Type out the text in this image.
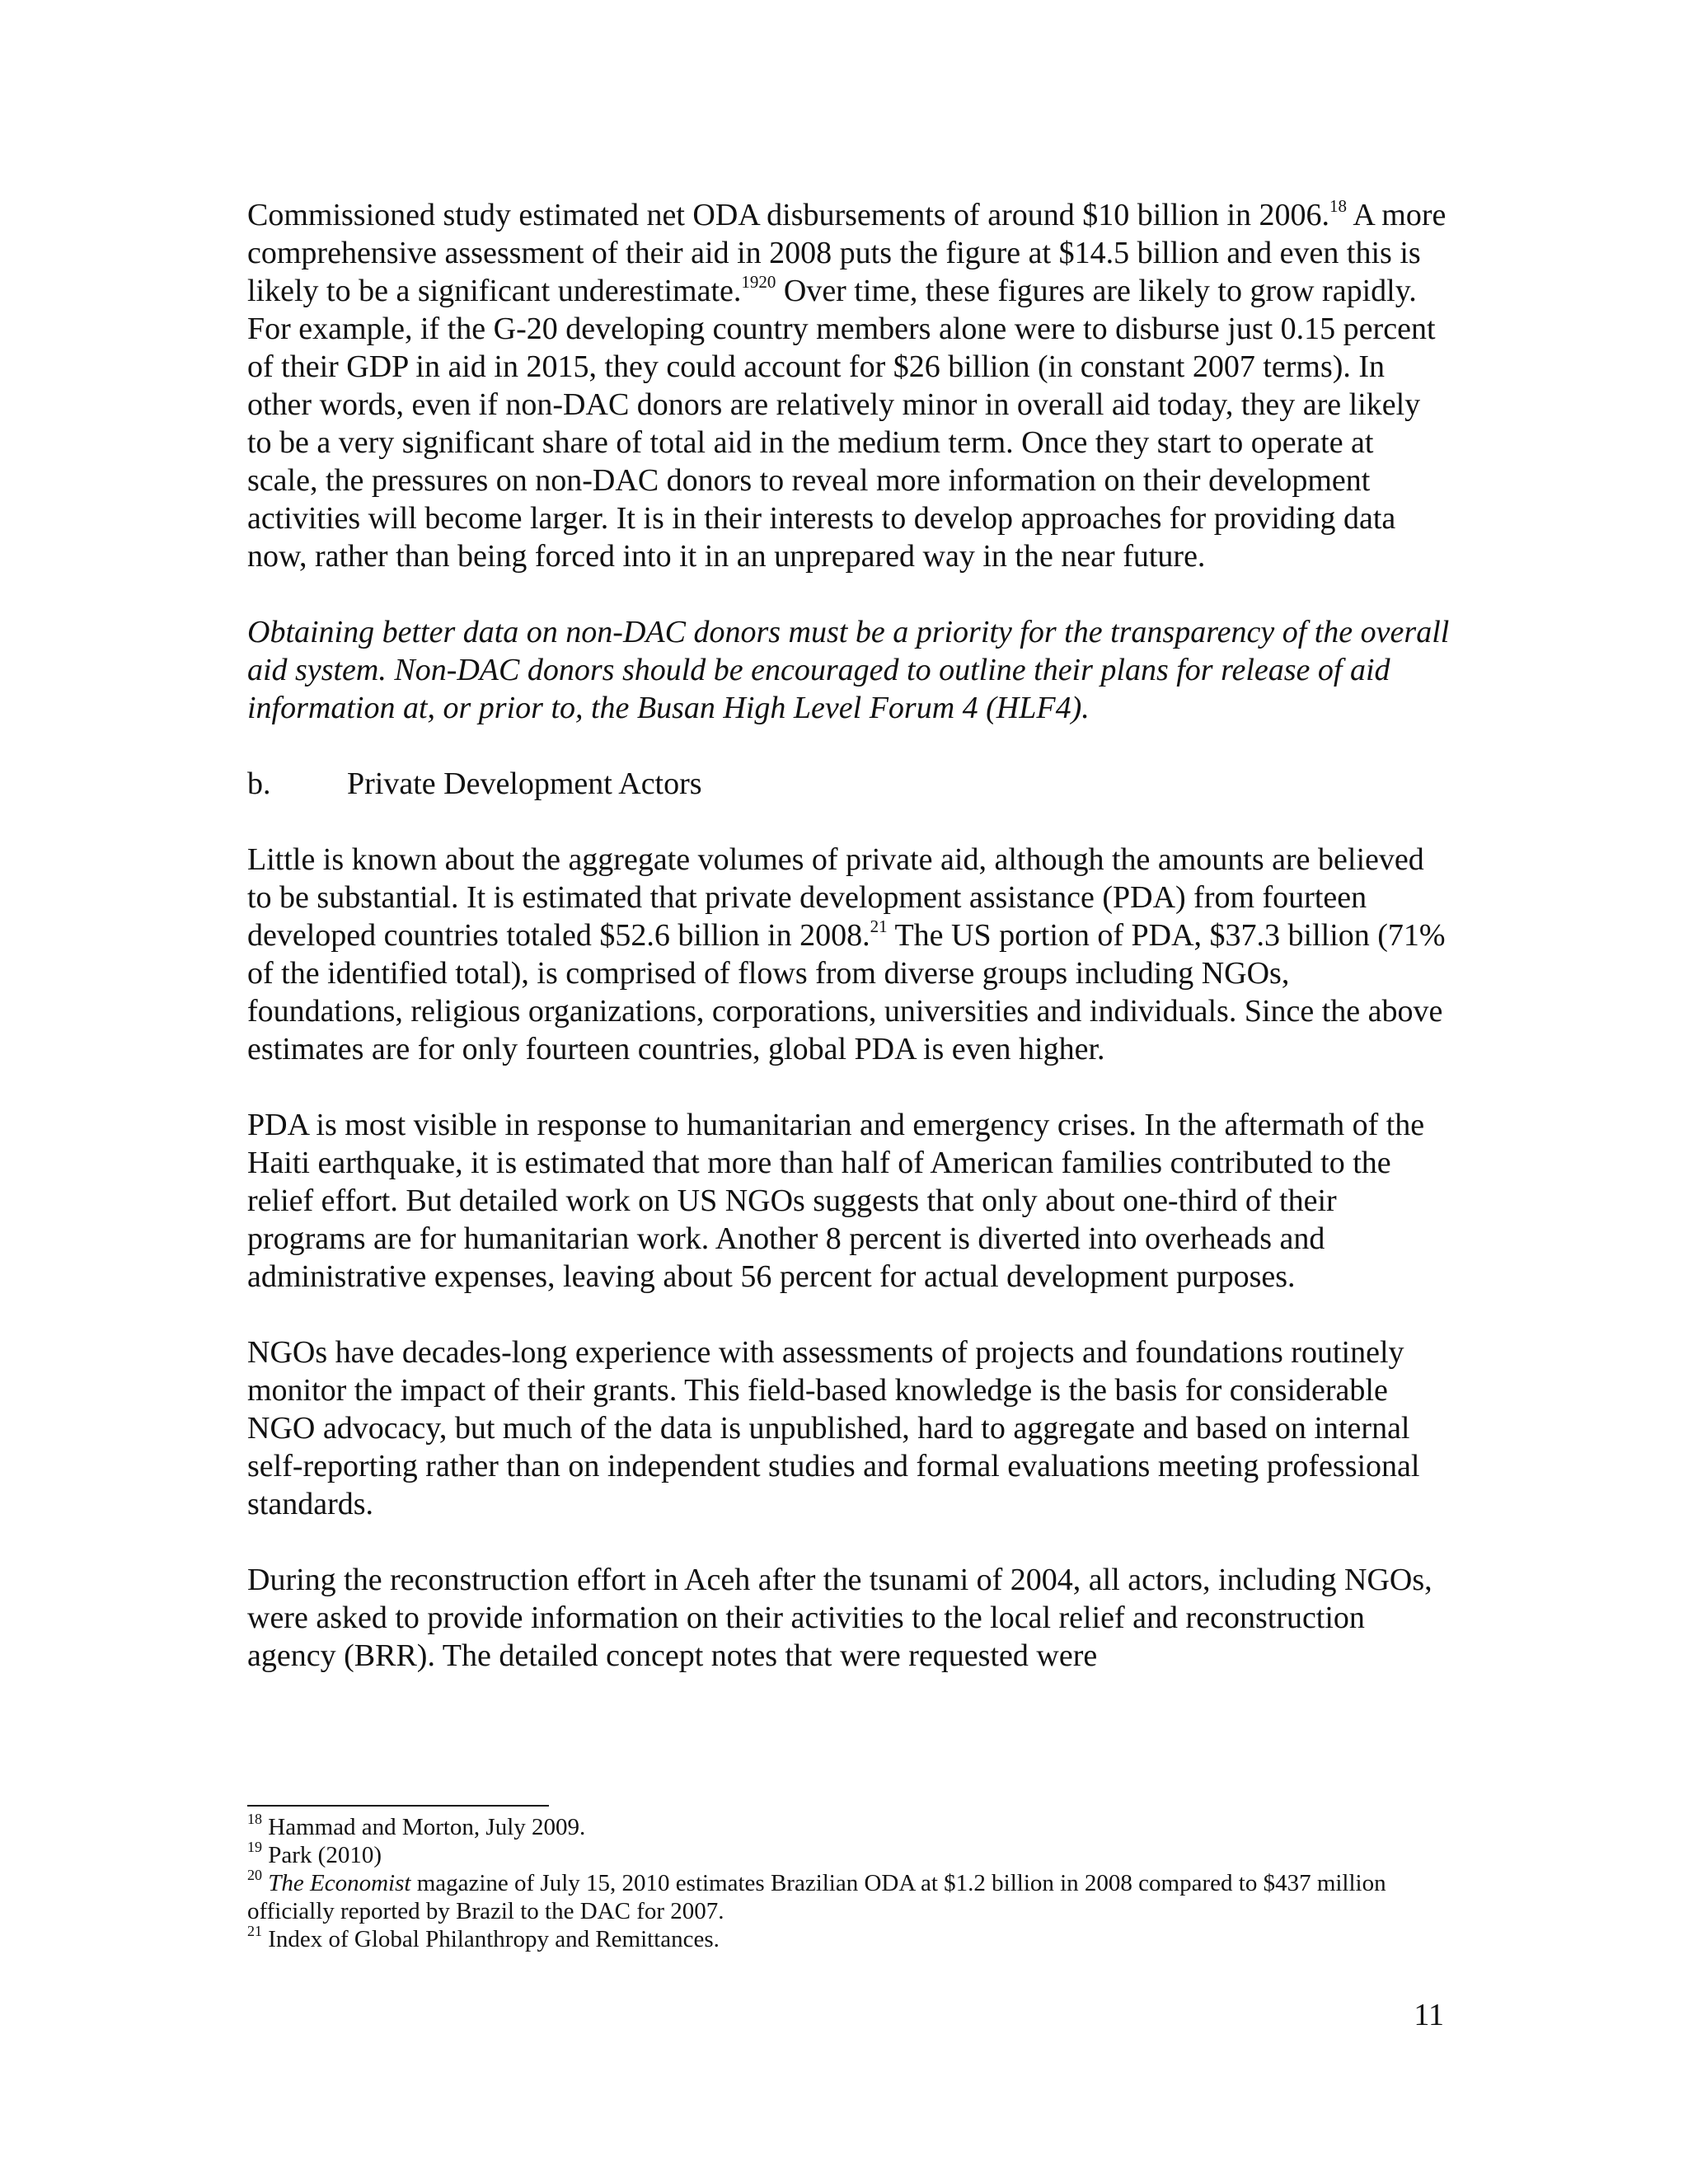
Commissioned study estimated net ODA disbursements of around $10 billion in 2006.18 A more comprehensive assessment of their aid in 2008 puts the figure at $14.5 billion and even this is likely to be a significant underestimate.$^{1920}$ Over time, these figures are likely to grow rapidly. For example, if the G-20 developing country members alone were to disburse just 0.15 percent of their GDP in aid in 2015, they could account for $26 billion (in constant 2007 terms). In other words, even if non-DAC donors are relatively minor in overall aid today, they are likely to be a very significant share of total aid in the medium term. Once they start to operate at scale, the pressures on non-DAC donors to reveal more information on their development activities will become larger. It is in their interests to develop approaches for providing data now, rather than being forced into it in an unprepared way in the near future.

Obtaining better data on non-DAC donors must be a priority for the transparency of the overall aid system. Non-DAC donors should be encouraged to outline their plans for release of aid information at, or prior to, the Busan High Level Forum 4 (HLF4).

b.	Private Development Actors

Little is known about the aggregate volumes of private aid, although the amounts are believed to be substantial. It is estimated that private development assistance (PDA) from fourteen developed countries totaled $52.6 billion in 2008.21 The US portion of PDA, $37.3 billion (71% of the identified total), is comprised of flows from diverse groups including NGOs, foundations, religious organizations, corporations, universities and individuals. Since the above estimates are for only fourteen countries, global PDA is even higher.

PDA is most visible in response to humanitarian and emergency crises. In the aftermath of the Haiti earthquake, it is estimated that more than half of American families contributed to the relief effort. But detailed work on US NGOs suggests that only about one-third of their programs are for humanitarian work. Another 8 percent is diverted into overheads and administrative expenses, leaving about 56 percent for actual development purposes.

NGOs have decades-long experience with assessments of projects and foundations routinely monitor the impact of their grants. This field-based knowledge is the basis for considerable NGO advocacy, but much of the data is unpublished, hard to aggregate and based on internal self-reporting rather than on independent studies and formal evaluations meeting professional standards.

During the reconstruction effort in Aceh after the tsunami of 2004, all actors, including NGOs, were asked to provide information on their activities to the local relief and reconstruction agency (BRR). The detailed concept notes that were requested were

$^{18}$ Hammad and Morton, July 2009.

$^{19}$ Park (2010)

$^{20}$ The Economist magazine of July 15, 2010 estimates Brazilian ODA at $1.2 billion in 2008 compared to $437 million officially reported by Brazil to the DAC for 2007.

$^{21}$ Index of Global Philanthropy and Remittances.

11
